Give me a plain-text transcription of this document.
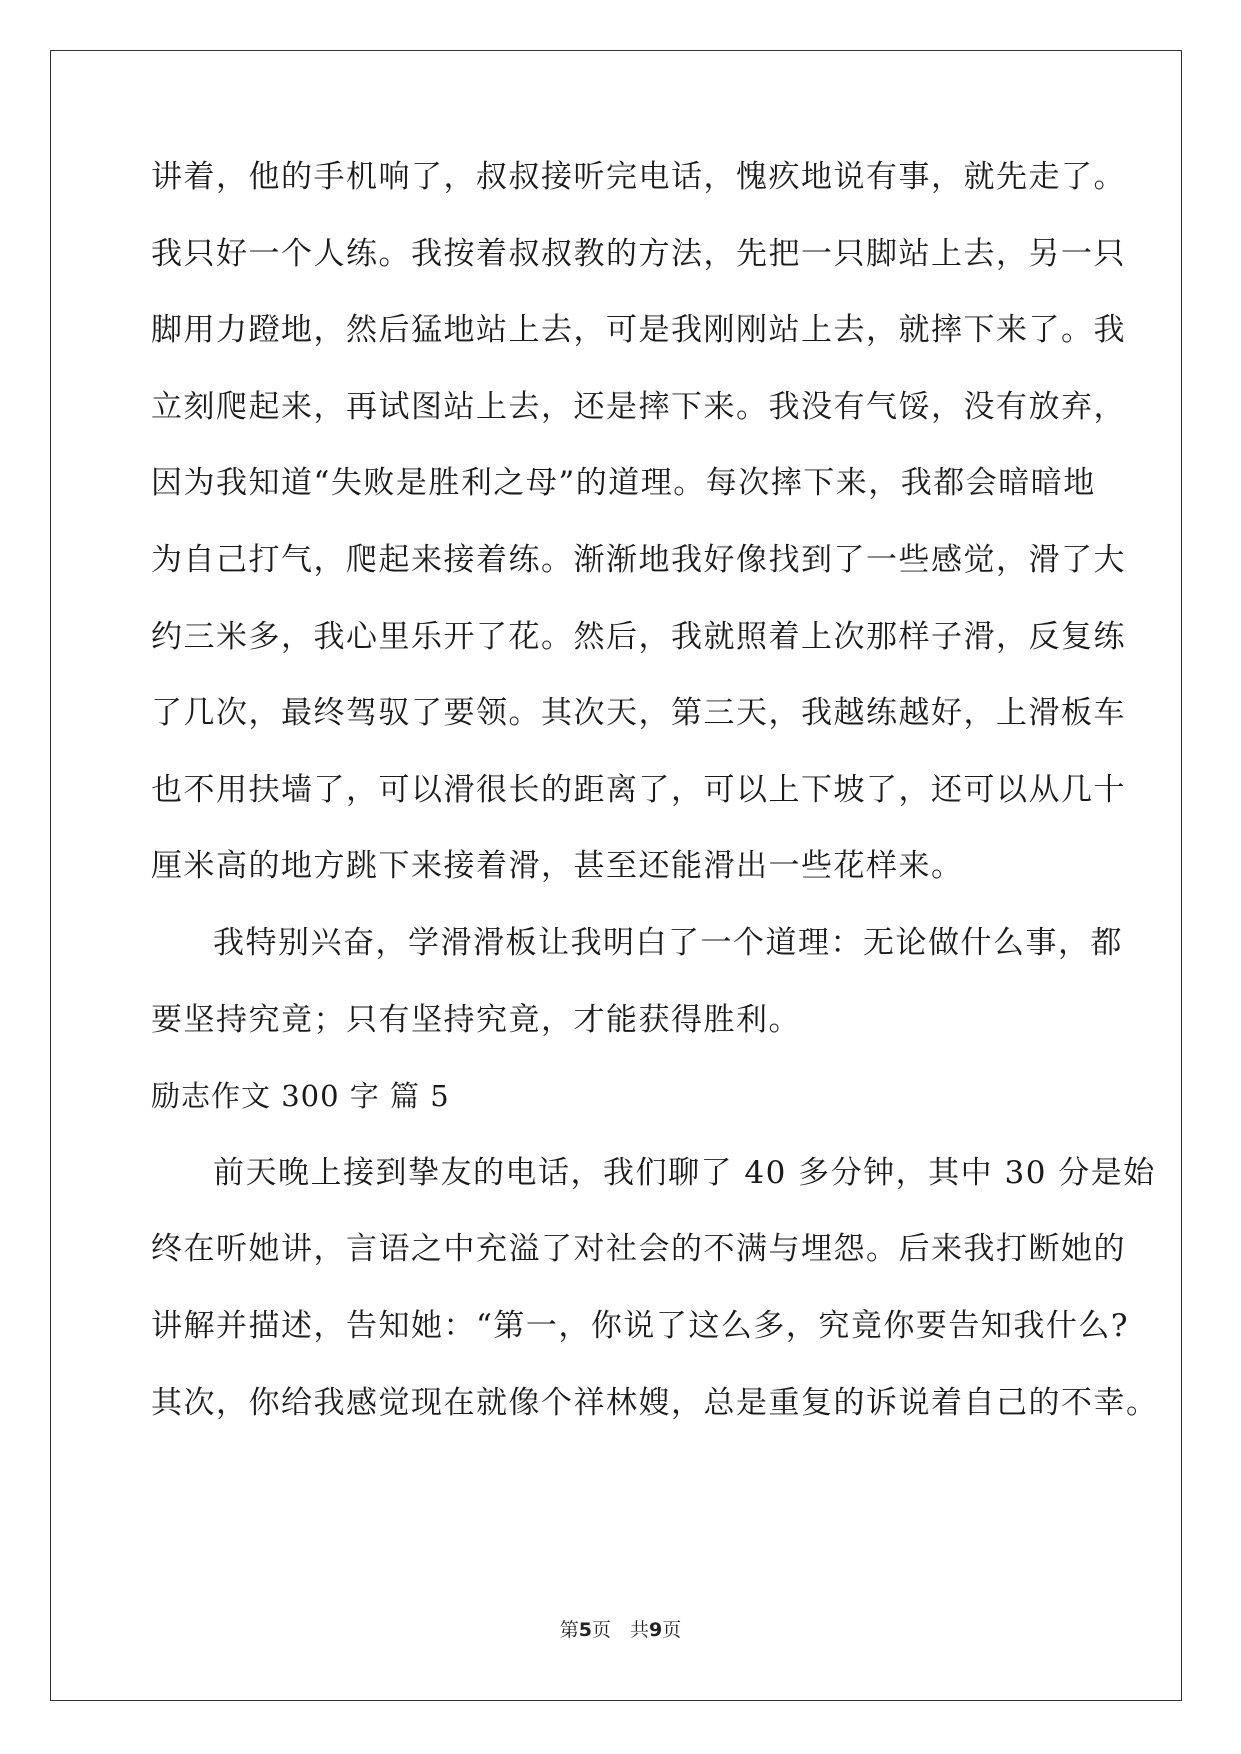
讲着，他的手机响了，叔叔接听完电话，愧疚地说有事，就先走了。
我只好一个人练。我按着叔叔教的方法，先把一只脚站上去，另一只
脚用力蹬地，然后猛地站上去，可是我刚刚站上去，就摔下来了。我
立刻爬起来，再试图站上去，还是摔下来。我没有气馁，没有放弃，
因为我知道“失败是胜利之母”的道理。每次摔下来，我都会暗暗地
为自己打气，爬起来接着练。渐渐地我好像找到了一些感觉，滑了大
约三米多，我心里乐开了花。然后，我就照着上次那样子滑，反复练
了几次，最终驾驭了要领。其次天，第三天，我越练越好，上滑板车
也不用扶墙了，可以滑很长的距离了，可以上下坡了，还可以从几十
厘米高的地方跳下来接着滑，甚至还能滑出一些花样来。
我特别兴奋，学滑滑板让我明白了一个道理：无论做什么事，都
要坚持究竟；只有坚持究竟，才能获得胜利。
励志作文 300 字 篇 5
前天晚上接到挚友的电话，我们聊了 40 多分钟，其中 30 分是始
终在听她讲，言语之中充溢了对社会的不满与埋怨。后来我打断她的
讲解并描述，告知她：“第一，你说了这么多，究竟你要告知我什么?
其次，你给我感觉现在就像个祥林嫂，总是重复的诉说着自己的不幸。
第5页　共9页
